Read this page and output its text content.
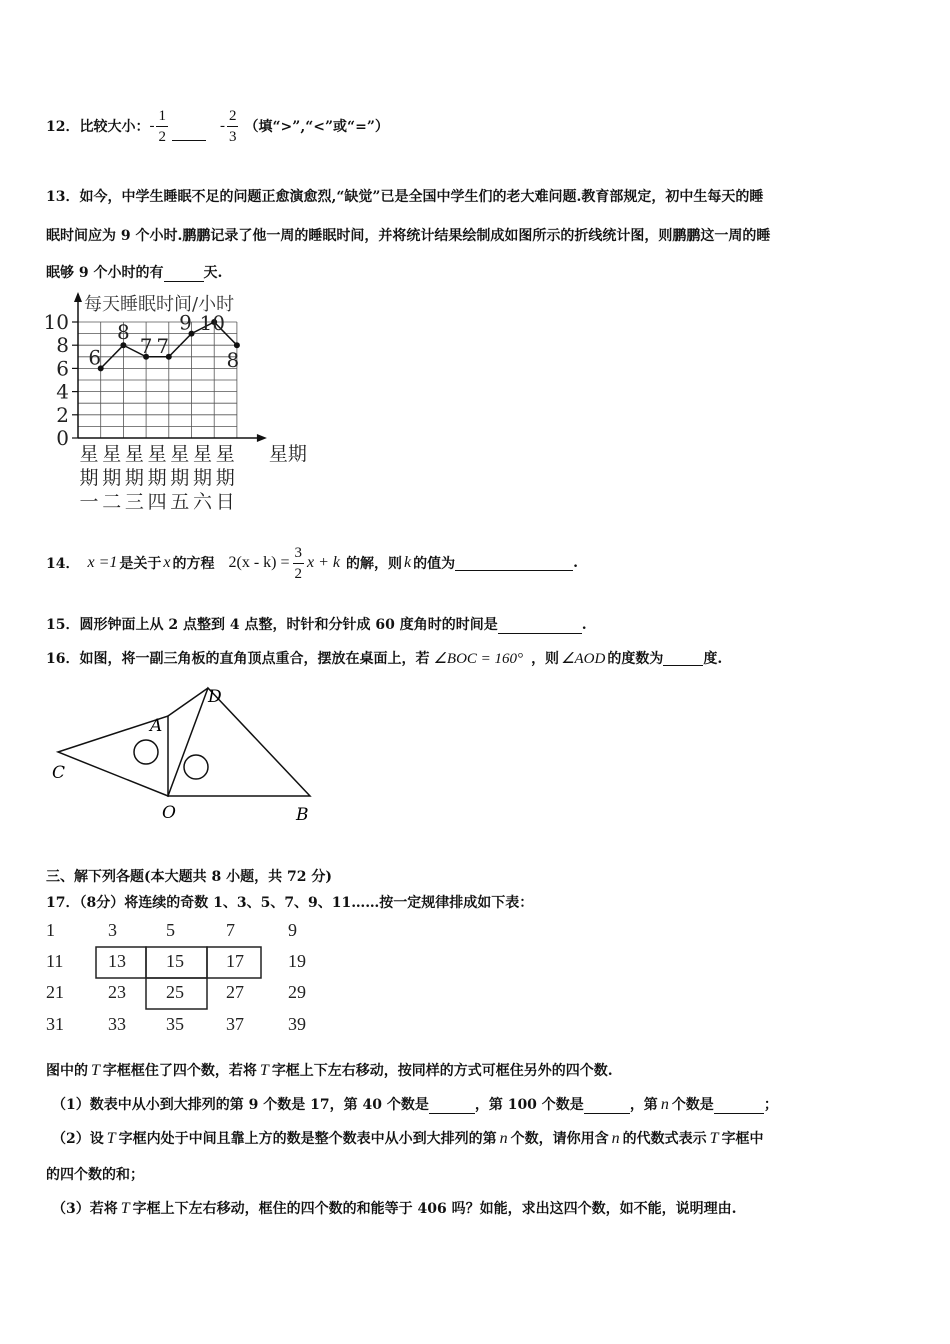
12． 比较大小： - $\frac{1}{2}$	- $\frac{2}{3}$ （填“>”,“<”或“=”）
13．如今，中学生睡眠不足的问题正愈演愈烈,“缺觉”已是全国中学生们的老大难问题.教育部规定，初中生每天的睡
眠时间应为 9 个小时.鹏鹏记录了他一周的睡眠时间，并将统计结果绘制成如图所示的折线统计图，则鹏鹏这一周的睡
眠够 9 个小时的有	天.
0
2
4
6
8
10
每天睡眠时间/小时
星期
星 星 星 星 星 星 星
期 期 期 期 期 期 期
一 二 三 四 五 六 日
6
8
7 7
9 10
8
14． x =1 是关于 x 的方程 $2(x - k) = \frac{3}{2}$ x + k 的解，则 k 的值为	.
15．圆形钟面上从 2 点整到 4 点整，时针和分针成 60 度角时的时间是	.
16．如图，将一副三角板的直角顶点重合，摆放在桌面上，若 ∠BOC = 160° ，则 ∠AOD 的度数为	度.
A
D
C
O	B
三、解下列各题(本大题共 8 小题，共 72 分)
17．（8分）将连续的奇数 1、3、5、7、9、11……按一定规律排成如下表：
1	3	5	7	9
11 13 15 17 19
21 23 25 27 29
31 33 35 37 39
图中的 T 字框框住了四个数，若将 T 字框上下左右移动，按同样的方式可框住另外的四个数.
（1）数表中从小到大排列的第 9 个数是 17，第 40 个数是	，第 100 个数是	，第 n 个数是	；
（2）设 T 字框内处于中间且靠上方的数是整个数表中从小到大排列的第 n 个数，请你用含 n 的代数式表示 T 字框中
的四个数的和；
（3）若将 T 字框上下左右移动，框住的四个数的和能等于 406 吗？如能，求出这四个数，如不能，说明理由.
